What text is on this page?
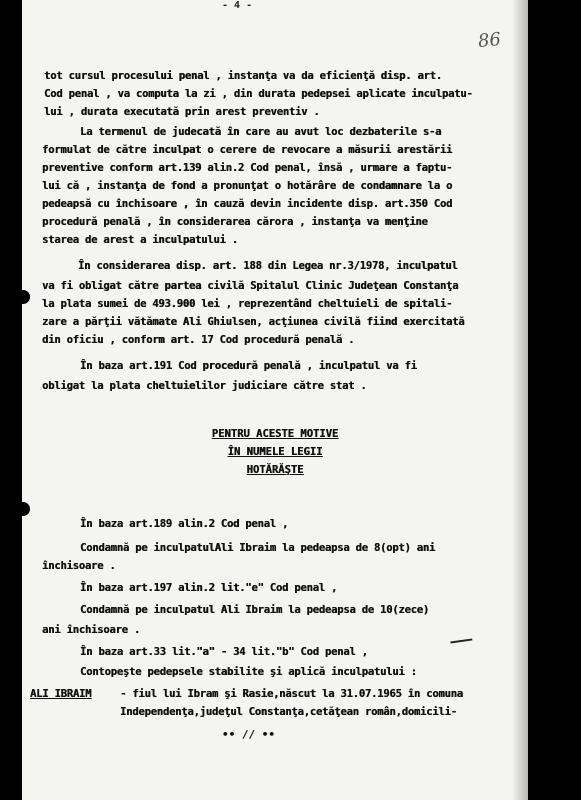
- 4 -
86
tot cursul procesului penal , instanţa va da eficienţă disp. art.
Cod penal , va computa la zi , din durata pedepsei aplicate inculpatu-
lui , durata executată prin arest preventiv .
La termenul de judecată în care au avut loc dezbaterile s-a
formulat de către inculpat o cerere de revocare a măsurii arestării
preventive conform art.139 alin.2 Cod penal, însă , urmare a faptu-
lui că , instanţa de fond a pronunţat o hotărâre de condamnare la o
pedeapsă cu închisoare , în cauză devin incidente disp. art.350 Cod
procedură penală , în considerarea cărora , instanţa va menţine
starea de arest a inculpatului .
În considerarea disp. art. 188 din Legea nr.3/1978, inculpatul
va fi obligat către partea civilă Spitalul Clinic Judeţean Constanţa
la plata sumei de 493.900 lei , reprezentând cheltuieli de spitali-
zare a părţii vătămate Ali Ghiulsen, acţiunea civilă fiind exercitată
din oficiu , conform art. 17 Cod procedură penală .
În baza art.191 Cod procedură penală , inculpatul va fi
obligat la plata cheltuielilor judiciare către stat .
PENTRU ACESTE MOTIVE
ÎN NUMELE LEGII
HOTĂRĂŞTE
În baza art.189 alin.2 Cod penal ,
Condamnă pe inculpatulAli Ibraim la pedeapsa de 8(opt) ani
închisoare .
În baza art.197 alin.2 lit."e" Cod penal ,
Condamnă pe inculpatul Ali Ibraim la pedeapsa de 10(zece)
ani închisoare .
În baza art.33 lit."a" - 34 lit."b" Cod penal ,
Contopeşte pedepsele stabilite şi aplică inculpatului :
ALI IBRAIM	- fiul lui Ibram şi Rasie,născut la 31.07.1965 în comuna
Independenţa,judeţul Constanţa,cetăţean român,domicili-
•• // ••
